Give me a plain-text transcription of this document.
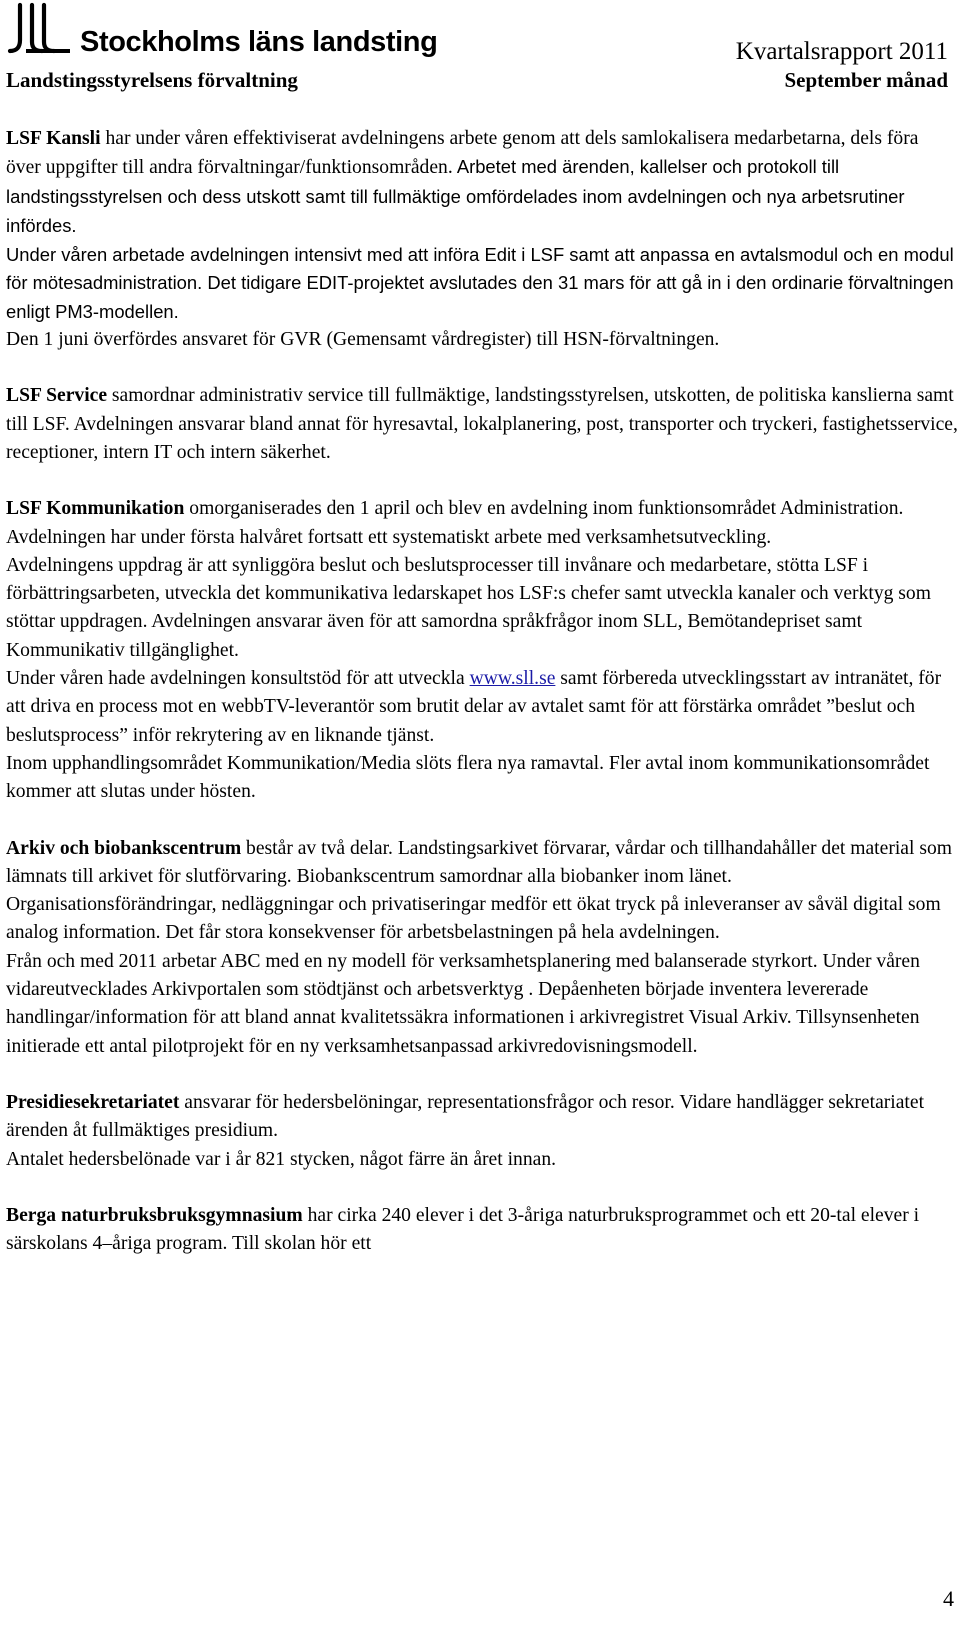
Stockholms läns landsting
Landstingsstyrelsens förvaltning
Kvartalsrapport 2011
September månad

LSF Kansli har under våren effektiviserat avdelningens arbete genom att dels samlokalisera medarbetarna, dels föra över uppgifter till andra förvaltningar/funktionsområden. Arbetet med ärenden, kallelser och protokoll till landstingsstyrelsen och dess utskott samt till fullmäktige omfördelades inom avdelningen och nya arbetsrutiner infördes.

Under våren arbetade avdelningen intensivt med att införa Edit i LSF samt att anpassa en avtalsmodul och en modul för mötesadministration. Det tidigare EDIT-projektet avslutades den 31 mars för att gå in i den ordinarie förvaltningen enligt PM3-modellen.

Den 1 juni överfördes ansvaret för GVR (Gemensamt vårdregister) till HSN-förvaltningen.

LSF Service samordnar administrativ service till fullmäktige, landstingsstyrelsen, utskotten, de politiska kanslierna samt till LSF. Avdelningen ansvarar bland annat för hyresavtal, lokalplanering, post, transporter och tryckeri, fastighetsservice, receptioner, intern IT och intern säkerhet.

LSF Kommunikation omorganiserades den 1 april och blev en avdelning inom funktionsområdet Administration. Avdelningen har under första halvåret fortsatt ett systematiskt arbete med verksamhetsutveckling.

Avdelningens uppdrag är att synliggöra beslut och beslutsprocesser till invånare och medarbetare, stötta LSF i förbättringsarbeten, utveckla det kommunikativa ledarskapet hos LSF:s chefer samt utveckla kanaler och verktyg som stöttar uppdragen. Avdelningen ansvarar även för att samordna språkfrågor inom SLL, Bemötandepriset samt Kommunikativ tillgänglighet.

Under våren hade avdelningen konsultstöd för att utveckla www.sll.se samt förbereda utvecklingsstart av intranätet, för att driva en process mot en webbTV-leverantör som brutit delar av avtalet samt för att förstärka området ”beslut och beslutsprocess” inför rekrytering av en liknande tjänst.

Inom upphandlingsområdet Kommunikation/Media slöts flera nya ramavtal. Fler avtal inom kommunikationsområdet kommer att slutas under hösten.

Arkiv och biobankscentrum består av två delar. Landstingsarkivet förvarar, vårdar och tillhandahåller det material som lämnats till arkivet för slutförvaring. Biobankscentrum samordnar alla biobanker inom länet.

Organisationsförändringar, nedläggningar och privatiseringar medför ett ökat tryck på inleveranser av såväl digital som analog information. Det får stora konsekvenser för arbetsbelastningen på hela avdelningen.

Från och med 2011 arbetar ABC med en ny modell för verksamhetsplanering med balanserade styrkort. Under våren vidareutvecklades Arkivportalen som stödtjänst och arbetsverktyg . Depåenheten började inventera levererade handlingar/information för att bland annat kvalitetssäkra informationen i arkivregistret Visual Arkiv. Tillsynsenheten initierade ett antal pilotprojekt för en ny verksamhetsanpassad arkivredovisningsmodell.

Presidiesekretariatet ansvarar för hedersbelöningar, representationsfrågor och resor. Vidare handlägger sekretariatet ärenden åt fullmäktiges presidium.

Antalet hedersbelönade var i år 821 stycken, något färre än året innan.

Berga naturbruksbruksgymnasium har cirka 240 elever i det 3-åriga naturbruksprogrammet och ett 20-tal elever i särskolans 4–åriga program. Till skolan hör ett

4
